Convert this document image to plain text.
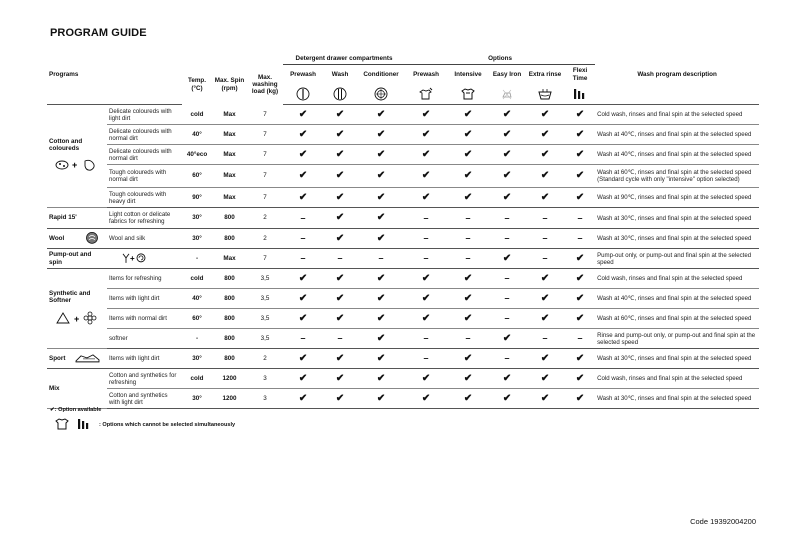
PROGRAM GUIDE
					Detergent drawer compartments			Options					
Programs		Temp. (°C)	Max. Spin (rpm)	Max. washing load (kg)	Prewash	Wash	Conditioner	Prewash	Intensive	Easy Iron	Extra rinse	Flexi Time	Wash program description

Cotton and coloureds
+	Delicate coloureds with light dirt	cold	Max	7	✔	✔	✔	✔	✔	✔	✔	✔	Cold wash, rinses and final spin at the selected speed
	Delicate coloureds with normal dirt	40°	Max	7	✔	✔	✔	✔	✔	✔	✔	✔	Wash at 40℃, rinses and final spin at the selected speed
	Delicate coloureds with normal dirt	40°eco	Max	7	✔	✔	✔	✔	✔	✔	✔	✔	Wash at 40℃, rinses and final spin at the selected speed
	Tough coloureds with normal dirt	60°	Max	7	✔	✔	✔	✔	✔	✔	✔	✔	Wash at 60℃, rinses and final spin at the selected speed (Standard cycle with only "intensive" option selected)
	Tough coloureds with heavy dirt	90°	Max	7	✔	✔	✔	✔	✔	✔	✔	✔	Wash at 90℃, rinses and final spin at the selected speed

Rapid 15'	Light cotton or delicate fabrics for refreshing	30°	800	2	–	✔	✔	–	–	–	–	–	Wash at 30℃, rinses and final spin at the selected speed

Wool	Wool and silk	30°	800	2	–	✔	✔	–	–	–	–	–	Wash at 30℃, rinses and final spin at the selected speed

Pump-out and spin +		-	Max	7	–	–	–	–	–	✔	–	✔	Pump-out only, or pump-out and final spin at the selected speed

Synthetic and Softner
+	Items for refreshing	cold	800	3,5	✔	✔	✔	✔	✔	–	✔	✔	Cold wash, rinses and final spin at the selected speed
	Items with light dirt	40°	800	3,5	✔	✔	✔	✔	✔	–	✔	✔	Wash at 40℃, rinses and final spin at the selected speed
	Items with normal dirt	60°	800	3,5	✔	✔	✔	✔	✔	–	✔	✔	Wash at 60℃, rinses and final spin at the selected speed
	softner	-	800	3,5	–	–	✔	–	–	✔	–	–	Rinse and pump-out only, or pump-out and final spin at the selected speed

Sport	Items with light dirt	30°	800	2	✔	✔	✔	–	✔	–	✔	✔	Wash at 30℃, rinses and final spin at the selected speed

Mix	Cotton and synthetics for refreshing	cold	1200	3	✔	✔	✔	✔	✔	✔	✔	✔	Cold wash, rinses and final spin at the selected speed
	Cotton and synthetics with light dirt	30°	1200	3	✔	✔	✔	✔	✔	✔	✔	✔	Wash at 30℃, rinses and final spin at the selected speed
✔: Option available
: Options which cannot be selected simultaneously
Code 19392004200
